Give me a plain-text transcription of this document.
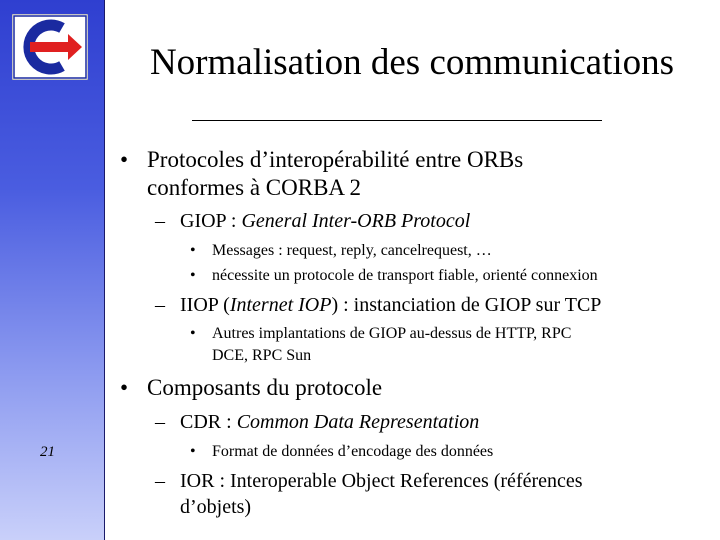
21
Normalisation des communications
• Protocoles d’interopérabilité entre ORBs
conformes à CORBA 2
– GIOP : General Inter-ORB Protocol
• Messages : request, reply, cancelrequest, …
• nécessite un protocole de transport fiable, orienté connexion
– IIOP (Internet IOP) : instanciation de GIOP sur TCP
• Autres implantations de GIOP au-dessus de HTTP, RPC
DCE, RPC Sun
• Composants du protocole
– CDR : Common Data Representation
• Format de données d’encodage des données
– IOR : Interoperable Object References (références
d’objets)
